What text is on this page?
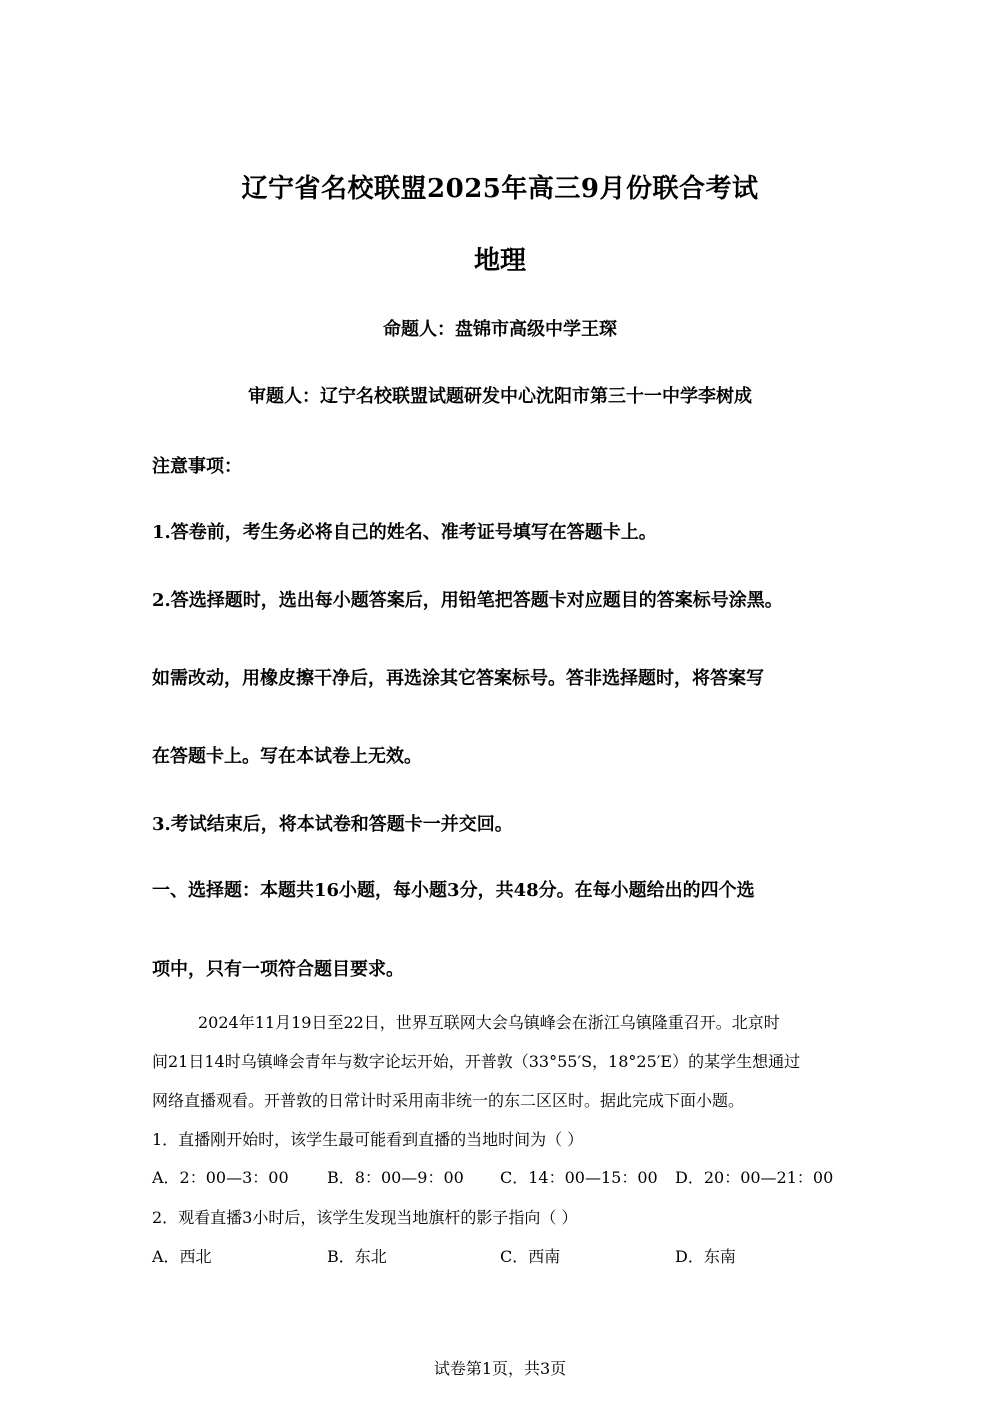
辽宁省名校联盟2025年高三9月份联合考试
地理
命题人：盘锦市高级中学王琛
审题人：辽宁名校联盟试题研发中心沈阳市第三十一中学李树成
注意事项：
1.答卷前，考生务必将自己的姓名、准考证号填写在答题卡上。
2.答选择题时，选出每小题答案后，用铅笔把答题卡对应题目的答案标号涂黑。
如需改动，用橡皮擦干净后，再选涂其它答案标号。答非选择题时，将答案写
在答题卡上。写在本试卷上无效。
3.考试结束后，将本试卷和答题卡一并交回。
一、选择题：本题共16小题，每小题3分，共48分。在每小题给出的四个选
项中，只有一项符合题目要求。
2024年11月19日至22日，世界互联网大会乌镇峰会在浙江乌镇隆重召开。北京时
间21日14时乌镇峰会青年与数字论坛开始，开普敦（33°55′S，18°25′E）的某学生想通过
网络直播观看。开普敦的日常计时采用南非统一的东二区区时。据此完成下面小题。
1．直播刚开始时，该学生最可能看到直播的当地时间为（ ）
A．2：00—3：00 B．8：00—9：00 C．14：00—15：00 D．20：00—21：00
2．观看直播3小时后，该学生发现当地旗杆的影子指向（ ）
A．西北	B．东北	C．西南	D．东南
试卷第1页，共3页
